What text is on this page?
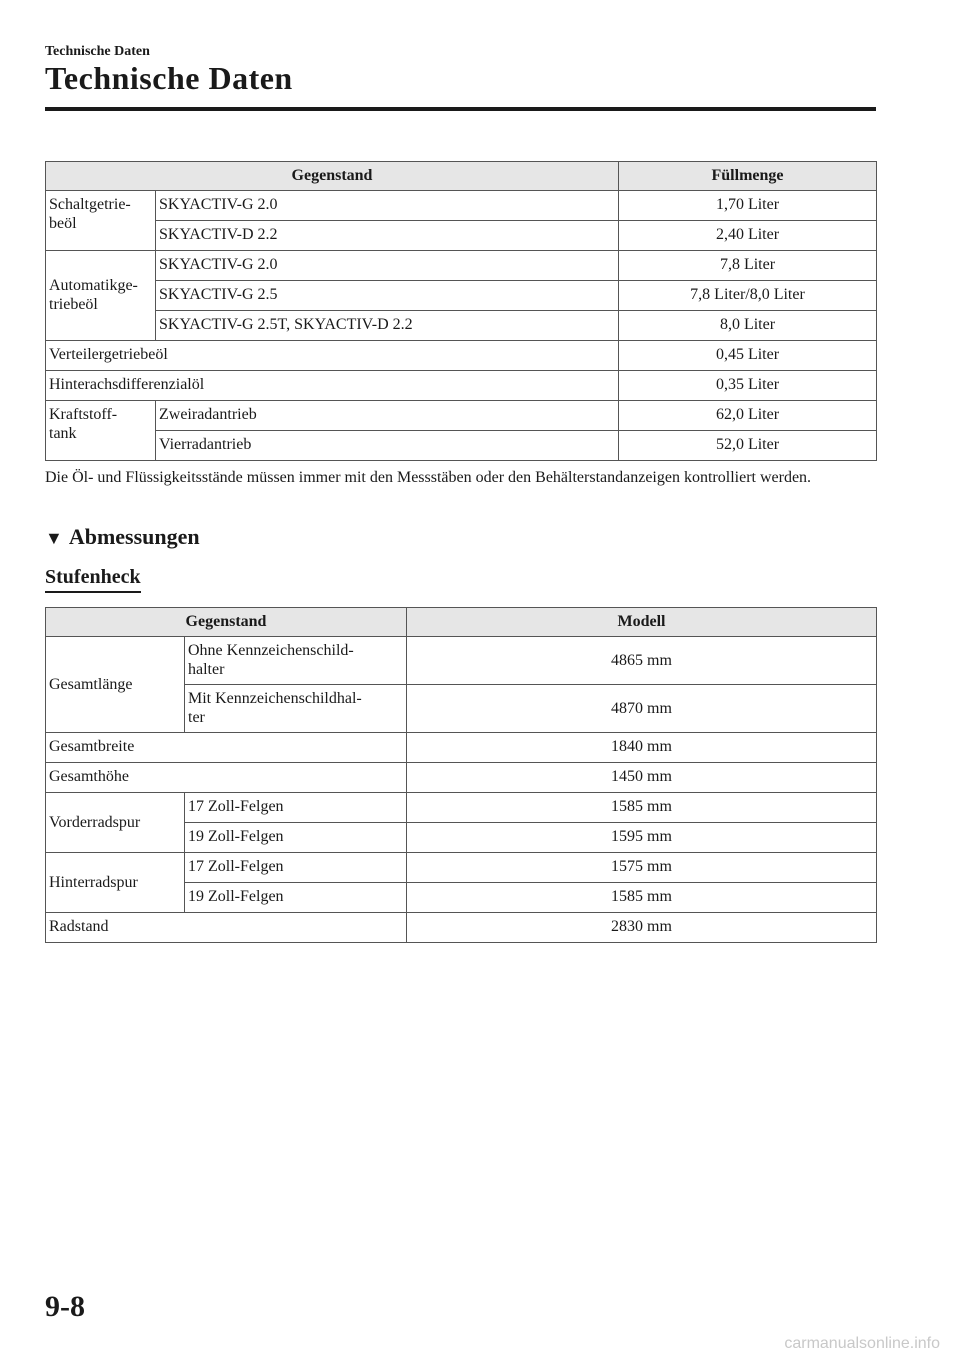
Technische Daten
Technische Daten
Gegenstand		Füllmenge
Schaltgetrie-
beöl	SKYACTIV-G 2.0	1,70 Liter
	SKYACTIV-D 2.2	2,40 Liter
Automatikge-
triebeöl	SKYACTIV-G 2.0	7,8 Liter
	SKYACTIV-G 2.5	7,8 Liter/8,0 Liter
	SKYACTIV-G 2.5T, SKYACTIV-D 2.2	8,0 Liter
Verteilergetriebeöl		0,45 Liter
Hinterachsdifferenzialöl		0,35 Liter
Kraftstoff-
tank	Zweiradantrieb	62,0 Liter
	Vierradantrieb	52,0 Liter
Die Öl- und Flüssigkeitsstände müssen immer mit den Messstäben oder den Behälterstandanzeigen kontrolliert werden.
▼ Abmessungen
Stufenheck
Gegenstand		Modell
Gesamtlänge	Ohne Kennzeichenschild-
halter	4865 mm
	Mit Kennzeichenschildhal-
ter	4870 mm
Gesamtbreite		1840 mm
Gesamthöhe		1450 mm
Vorderradspur	17 Zoll-Felgen	1585 mm
	19 Zoll-Felgen	1595 mm
Hinterradspur	17 Zoll-Felgen	1575 mm
	19 Zoll-Felgen	1585 mm
Radstand		2830 mm
9-8
carmanualsonline.info
